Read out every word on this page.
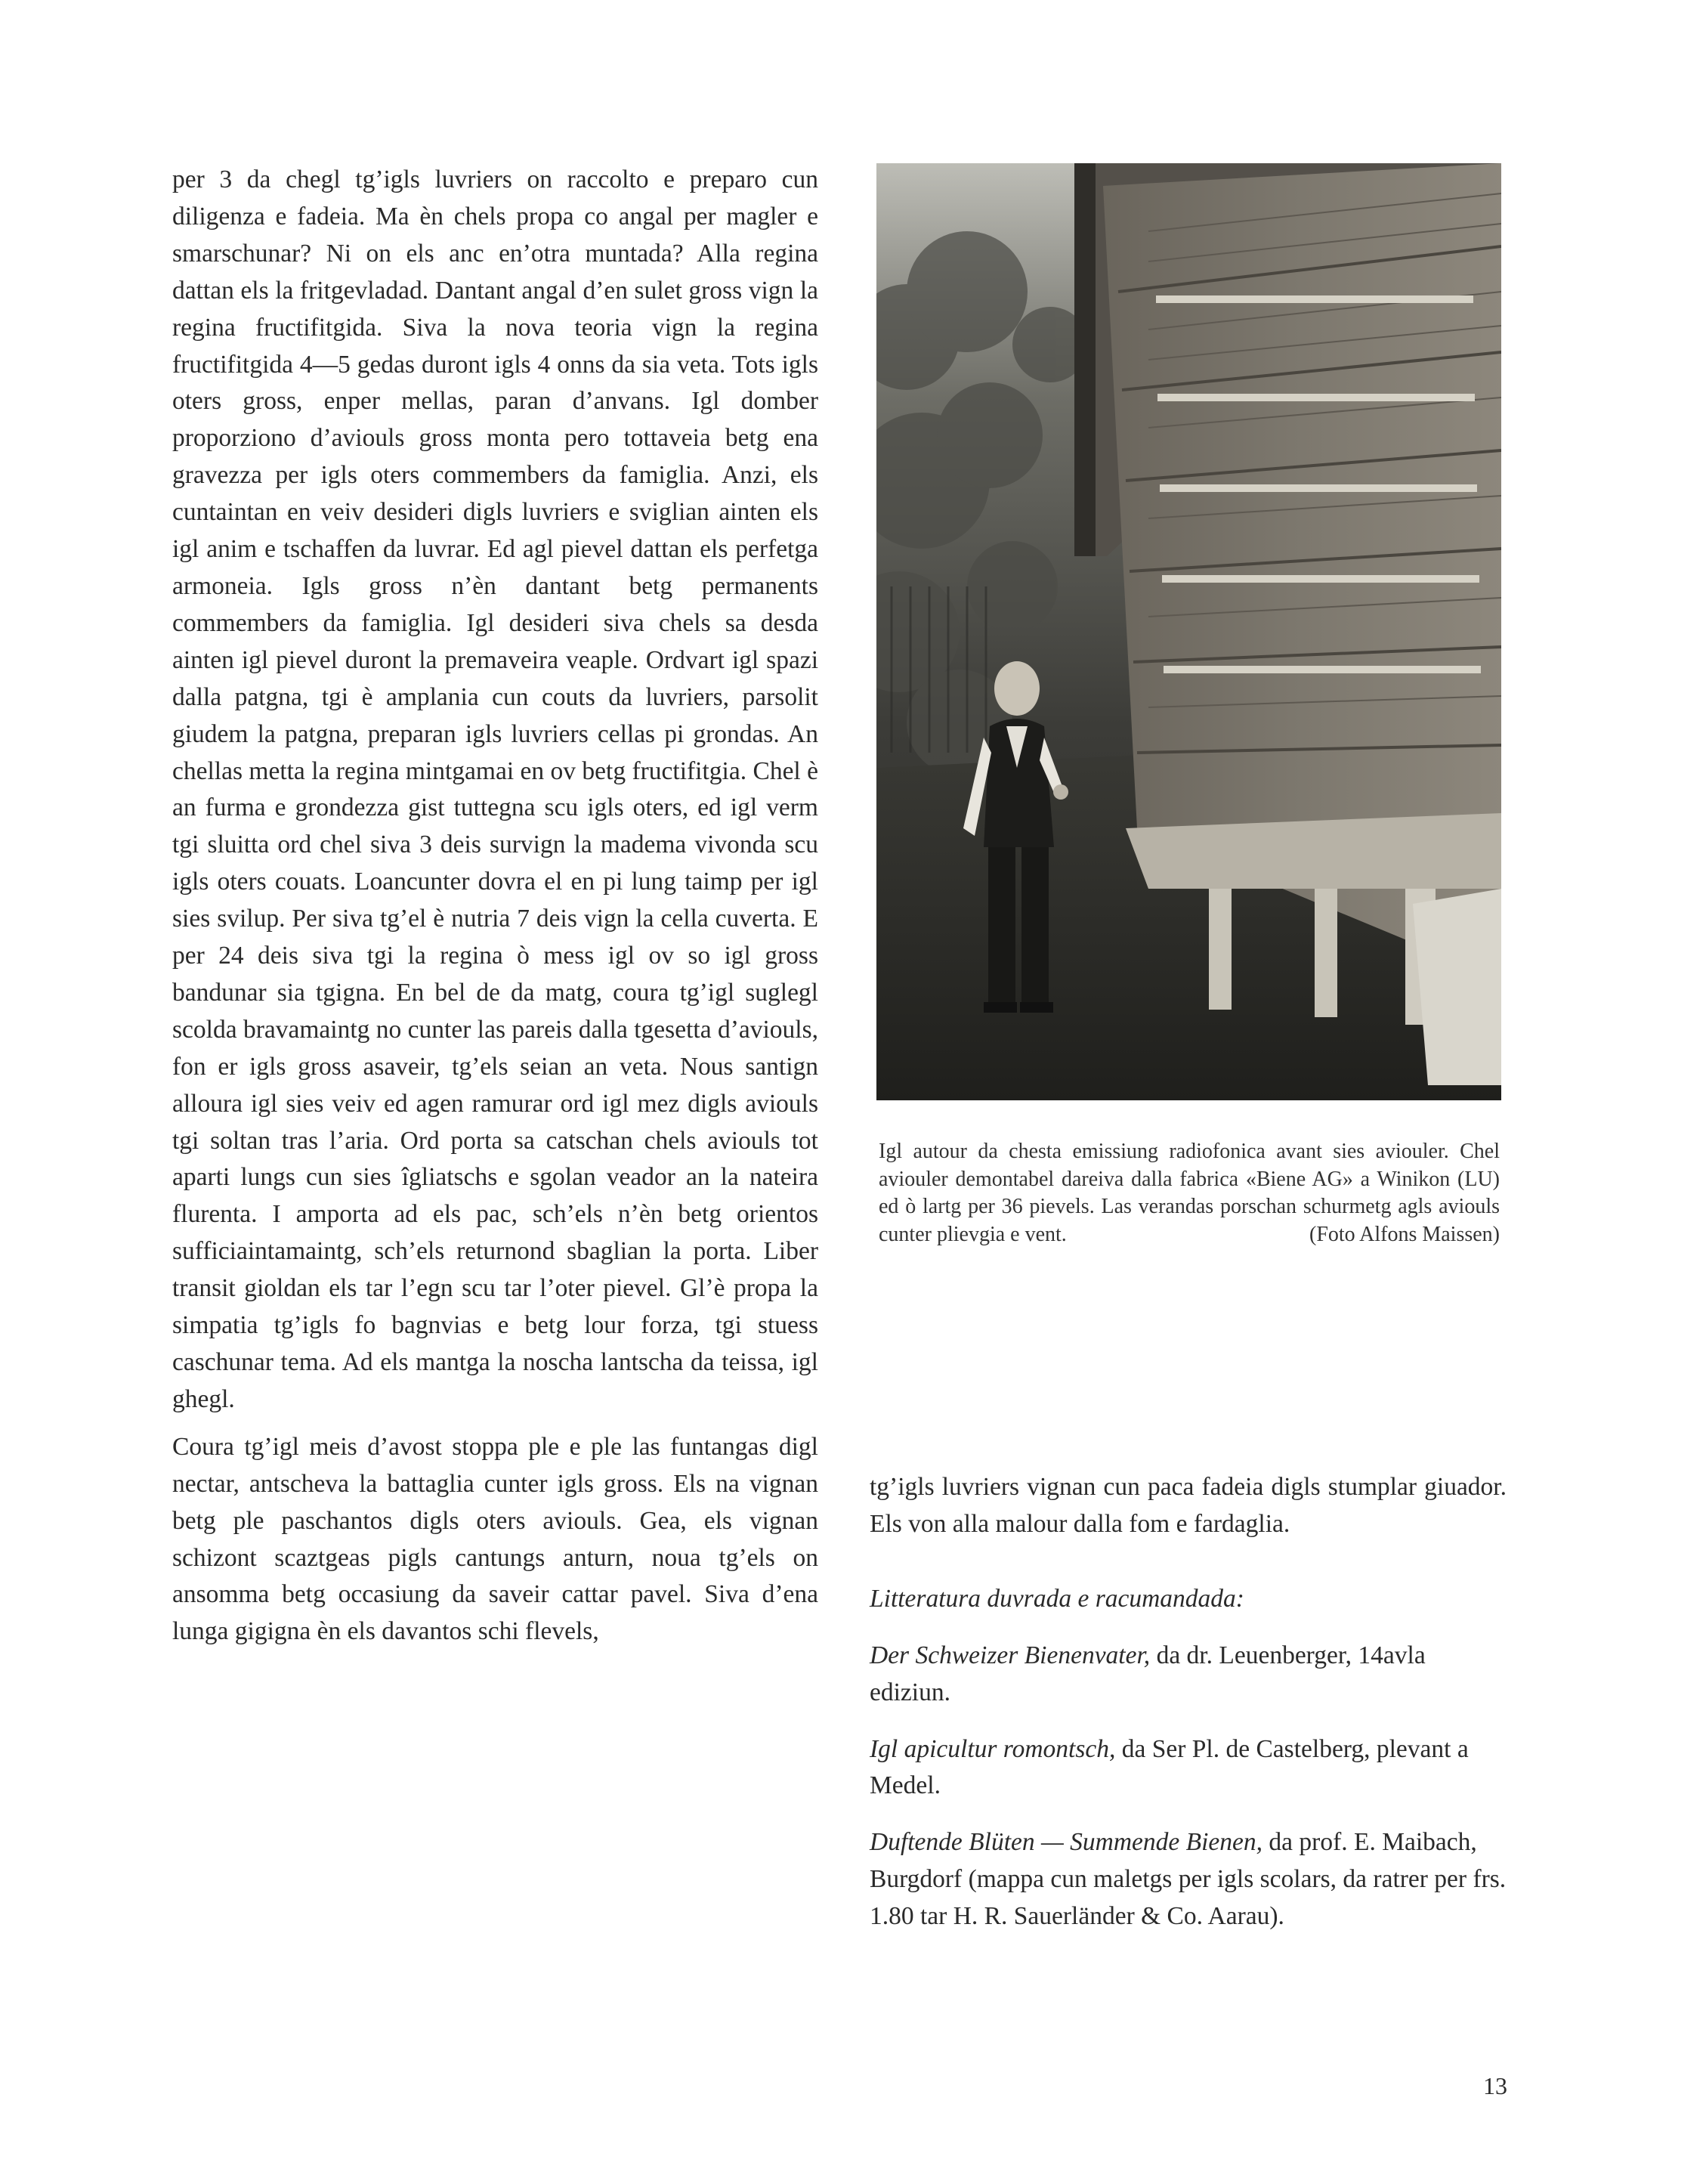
per 3 da chegl tg’igls luvriers on raccolto e preparo cun diligenza e fadeia. Ma èn chels propa co angal per magler e smarschunar? Ni on els anc en’otra muntada? Alla regina dattan els la fritgevladad. Dantant angal d’en sulet gross vign la regina fructifitgida. Siva la nova teoria vign la regina fructifitgida 4—5 gedas duront igls 4 onns da sia veta. Tots igls oters gross, enper mellas, paran d’anvans. Igl domber proporziono d’aviouls gross monta pero tottaveia betg ena gravezza per igls oters commembers da famiglia. Anzi, els cuntaintan en veiv desideri digls luvriers e sviglian ainten els igl anim e tschaffen da luvrar. Ed agl pievel dattan els perfetga armoneia. Igls gross n’èn dantant betg permanents commembers da famiglia. Igl desideri siva chels sa desda ainten igl pievel duront la premaveira veaple. Ordvart igl spazi dalla patgna, tgi è amplania cun couts da luvriers, parsolit giudem la patgna, preparan igls luvriers cellas pi grondas. An chellas metta la regina mintgamai en ov betg fructifitgia. Chel è an furma e grondezza gist tuttegna scu igls oters, ed igl verm tgi sluitta ord chel siva 3 deis survign la madema vivonda scu igls oters couats. Loancunter dovra el en pi lung taimp per igl sies svilup. Per siva tg’el è nutria 7 deis vign la cella cuverta. E per 24 deis siva tgi la regina ò mess igl ov so igl gross bandunar sia tgigna. En bel de da matg, coura tg’igl suglegl scolda bravamaintg no cunter las pareis dalla tgesetta d’aviouls, fon er igls gross asaveir, tg’els seian an veta. Nous santign alloura igl sies veiv ed agen ramurar ord igl mez digls aviouls tgi soltan tras l’aria. Ord porta sa catschan chels aviouls tot aparti lungs cun sies îgliatschs e sgolan veador an la nateira flurenta. I amporta ad els pac, sch’els n’èn betg orientos sufficiaintamaintg, sch’els returnond sbaglian la porta. Liber transit gioldan els tar l’egn scu tar l’oter pievel. Gl’è propa la simpatia tg’igls fo bagnvias e betg lour forza, tgi stuess caschunar tema. Ad els mantga la noscha lantscha da teissa, igl ghegl.

Coura tg’igl meis d’avost stoppa ple e ple las funtangas digl nectar, antscheva la battaglia cunter igls gross. Els na vignan betg ple paschantos digls oters aviouls. Gea, els vignan schizont scaztgeas pigls cantungs anturn, noua tg’els on ansomma betg occasiung da saveir cattar pavel. Siva d’ena lunga gigigna èn els davantos schi flevels,

Igl autour da chesta emissiung radiofonica avant sies aviouler. Chel aviouler demontabel dareiva dalla fabrica «Biene AG» a Winikon (LU) ed ò lartg per 36 pievels. Las verandas porschan schurmetg agls aviouls cunter plievgia e vent.	(Foto Alfons Maissen)

tg’igls luvriers vignan cun paca fadeia digls stumplar giuador. Els von alla malour dalla fom e fardaglia.

Litteratura duvrada e racumandada:

Der Schweizer Bienenvater, da dr. Leuenberger, 14avla ediziun.

Igl apicultur romontsch, da Ser Pl. de Castelberg, plevant a Medel.

Duftende Blüten — Summende Bienen, da prof. E. Maibach, Burgdorf (mappa cun maletgs per igls scolars, da ratrer per frs. 1.80 tar H. R. Sauerländer & Co. Aarau).

13
